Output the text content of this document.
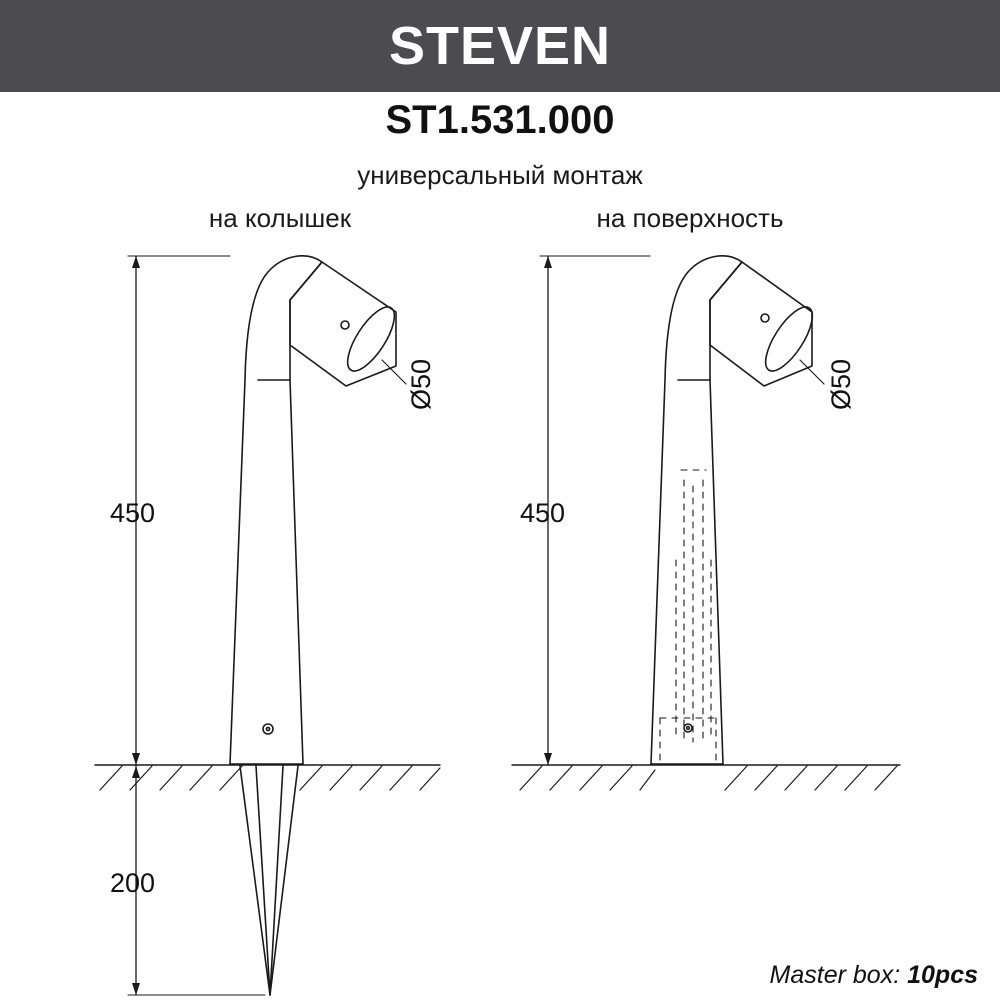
STEVEN
ST1.531.000
универсальный монтаж
на колышек	на поверхность
450
200
450
Ø50	Ø50
Master box: 10pcs
